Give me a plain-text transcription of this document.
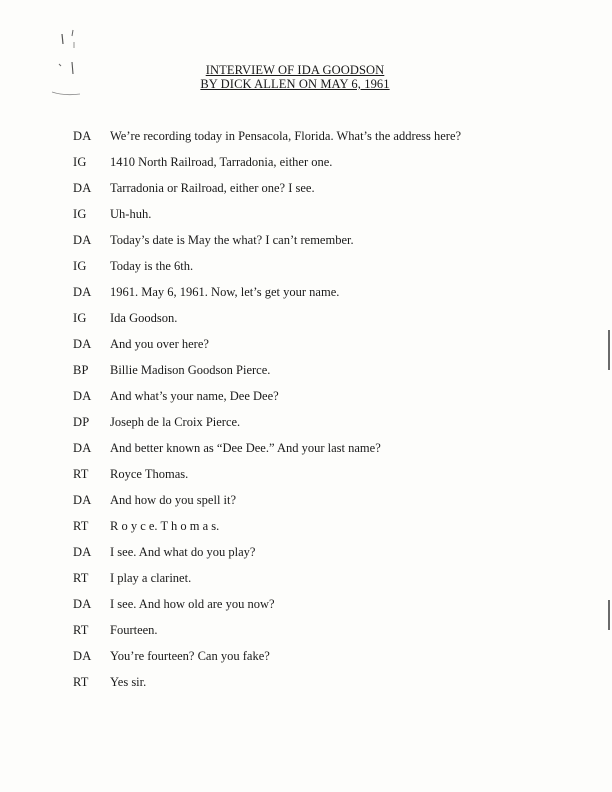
INTERVIEW OF IDA GOODSON
BY DICK ALLEN ON MAY 6, 1961
DA	We’re recording today in Pensacola, Florida. What’s the address here?
IG	1410 North Railroad, Tarradonia, either one.
DA	Tarradonia or Railroad, either one? I see.
IG	Uh-huh.
DA	Today’s date is May the what? I can’t remember.
IG	Today is the 6th.
DA	1961. May 6, 1961. Now, let’s get your name.
IG	Ida Goodson.
DA	And you over here?
BP	Billie Madison Goodson Pierce.
DA	And what’s your name, Dee Dee?
DP	Joseph de la Croix Pierce.
DA	And better known as “Dee Dee.” And your last name?
RT	Royce Thomas.
DA	And how do you spell it?
RT	R o y c e. T h o m a s.
DA	I see. And what do you play?
RT	I play a clarinet.
DA	I see. And how old are you now?
RT	Fourteen.
DA	You’re fourteen? Can you fake?
RT	Yes sir.
